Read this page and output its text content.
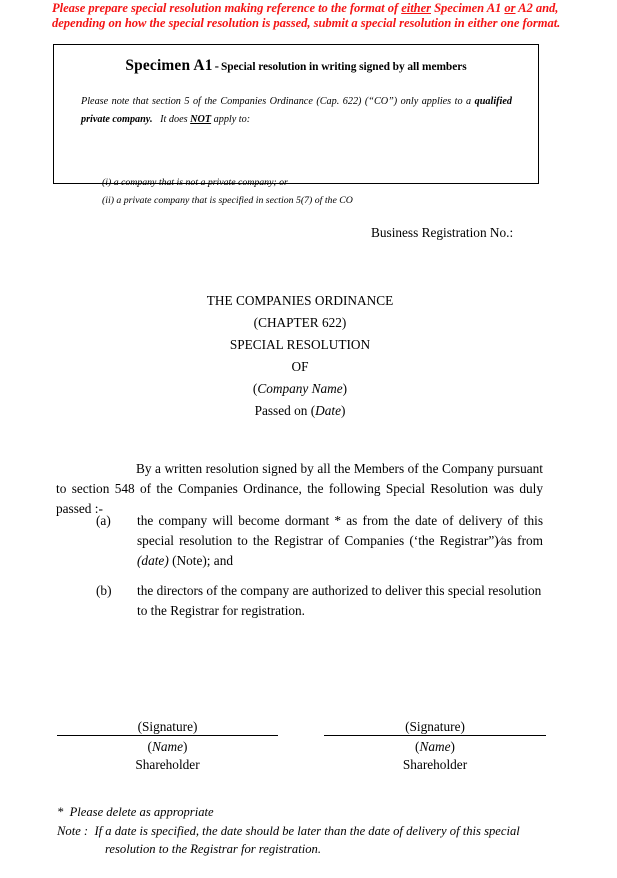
Please prepare special resolution making reference to the format of either Specimen A1 or A2 and, depending on how the special resolution is passed, submit a special resolution in either one format.
Specimen A1 - Special resolution in writing signed by all members
Please note that section 5 of the Companies Ordinance (Cap. 622) (“CO”) only applies to a qualified private company.   It does NOT apply to:
(i) a company that is not a private company; or
(ii) a private company that is specified in section 5(7) of the CO
Business Registration No.:
THE COMPANIES ORDINANCE
(CHAPTER 622)
SPECIAL RESOLUTION
OF
(Company Name)
Passed on (Date)
By a written resolution signed by all the Members of the Company pursuant to section 548 of the Companies Ordinance, the following Special Resolution was duly passed :-
(a) the company will become dormant * as from the date of delivery of this special resolution to the Registrar of Companies (‘the Registrar”)∕as from (date) (Note); and
(b) the directors of the company are authorized to deliver this special resolution to the Registrar for registration.
(Signature)
(Name)
Shareholder
(Signature)
(Name)
Shareholder
* Please delete as appropriate
Note : If a date is specified, the date should be later than the date of delivery of this special
resolution to the Registrar for registration.
